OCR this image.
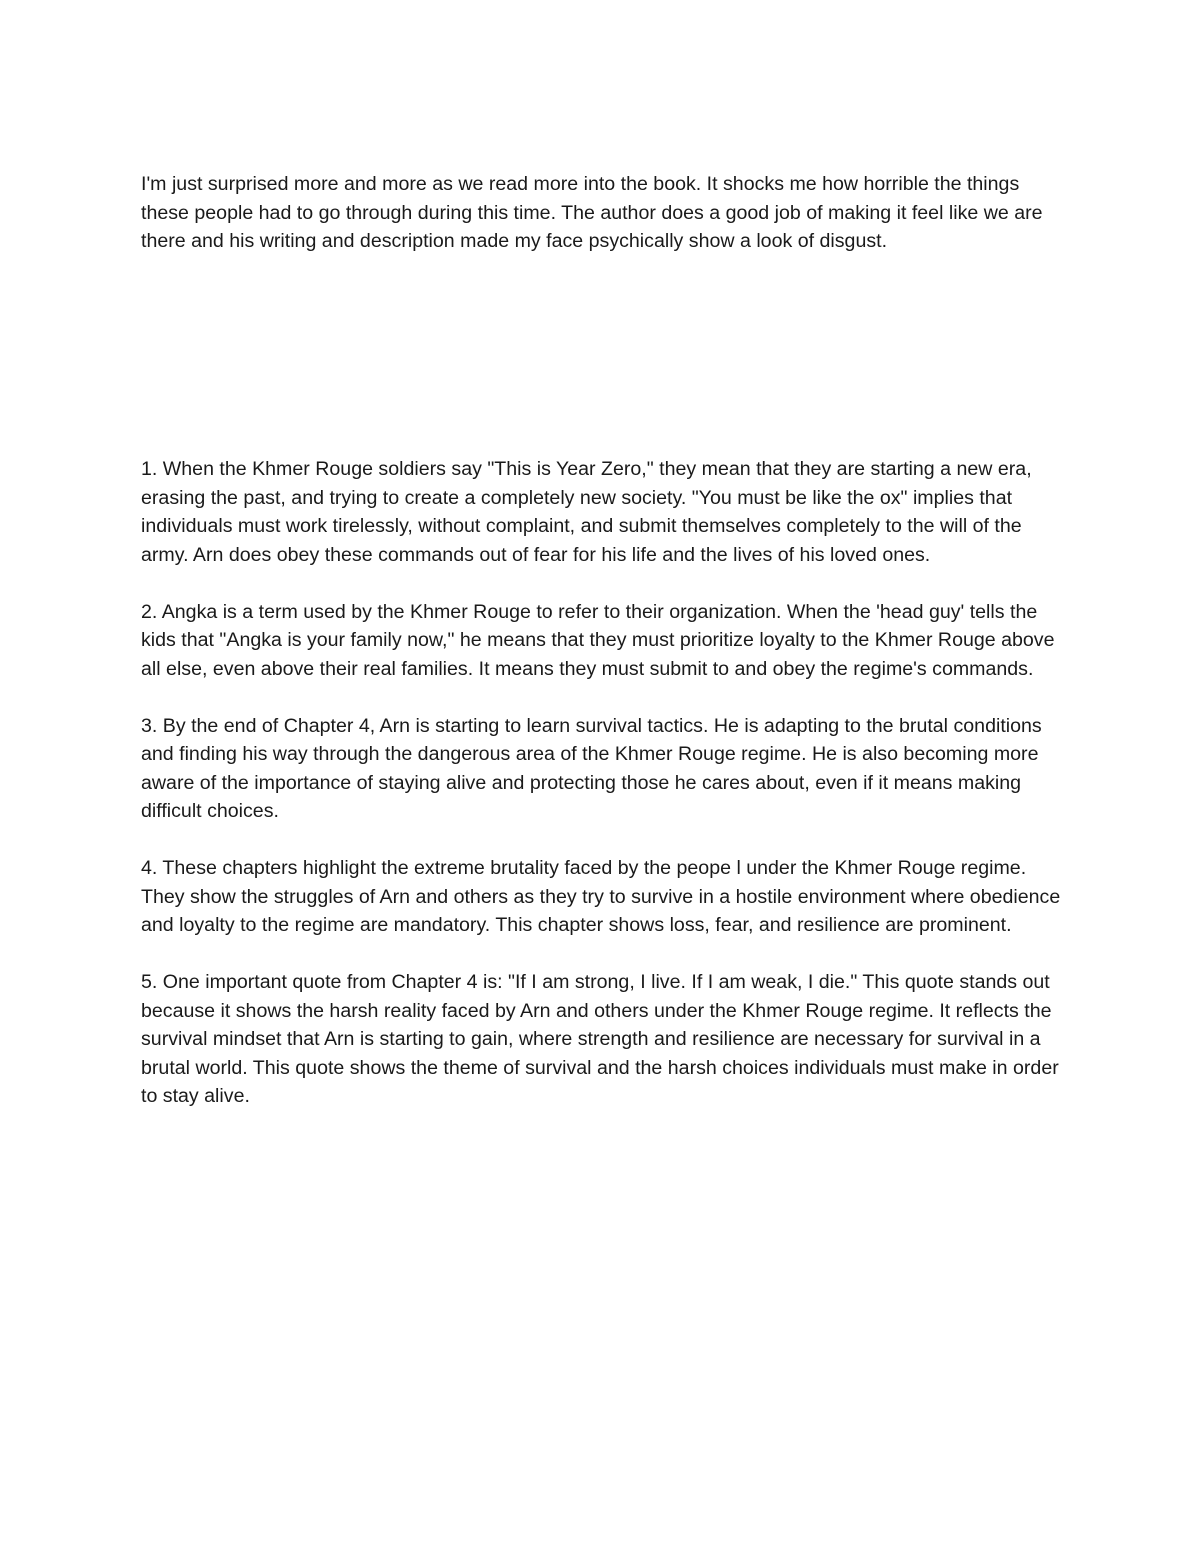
I'm just surprised more and more as we read more into the book. It shocks me how horrible the things these people had to go through during this time. The author does a good job of making it feel like we are there and his writing and description made my face psychically show a look of disgust.

1. When the Khmer Rouge soldiers say "This is Year Zero," they mean that they are starting a new era, erasing the past, and trying to create a completely new society. "You must be like the ox" implies that individuals must work tirelessly, without complaint, and submit themselves completely to the will of the army. Arn does obey these commands out of fear for his life and the lives of his loved ones.

2. Angka is a term used by the Khmer Rouge to refer to their organization. When the 'head guy' tells the kids that "Angka is your family now," he means that they must prioritize loyalty to the Khmer Rouge above all else, even above their real families. It means they must submit to and obey the regime's commands.

3. By the end of Chapter 4, Arn is starting to learn survival tactics. He is adapting to the brutal conditions and finding his way through the dangerous area of the Khmer Rouge regime. He is also becoming more aware of the importance of staying alive and protecting those he cares about, even if it means making difficult choices.

4. These chapters highlight the extreme brutality faced by the peope l under the Khmer Rouge regime. They show the struggles of Arn and others as they try to survive in a hostile environment where obedience and loyalty to the regime are mandatory. This chapter shows loss, fear, and resilience are prominent.

5. One important quote from Chapter 4 is: "If I am strong, I live. If I am weak, I die." This quote stands out because it shows the harsh reality faced by Arn and others under the Khmer Rouge regime. It reflects the survival mindset that Arn is starting to gain, where strength and resilience are necessary for survival in a brutal world. This quote shows the theme of survival and the harsh choices individuals must make in order to stay alive.
